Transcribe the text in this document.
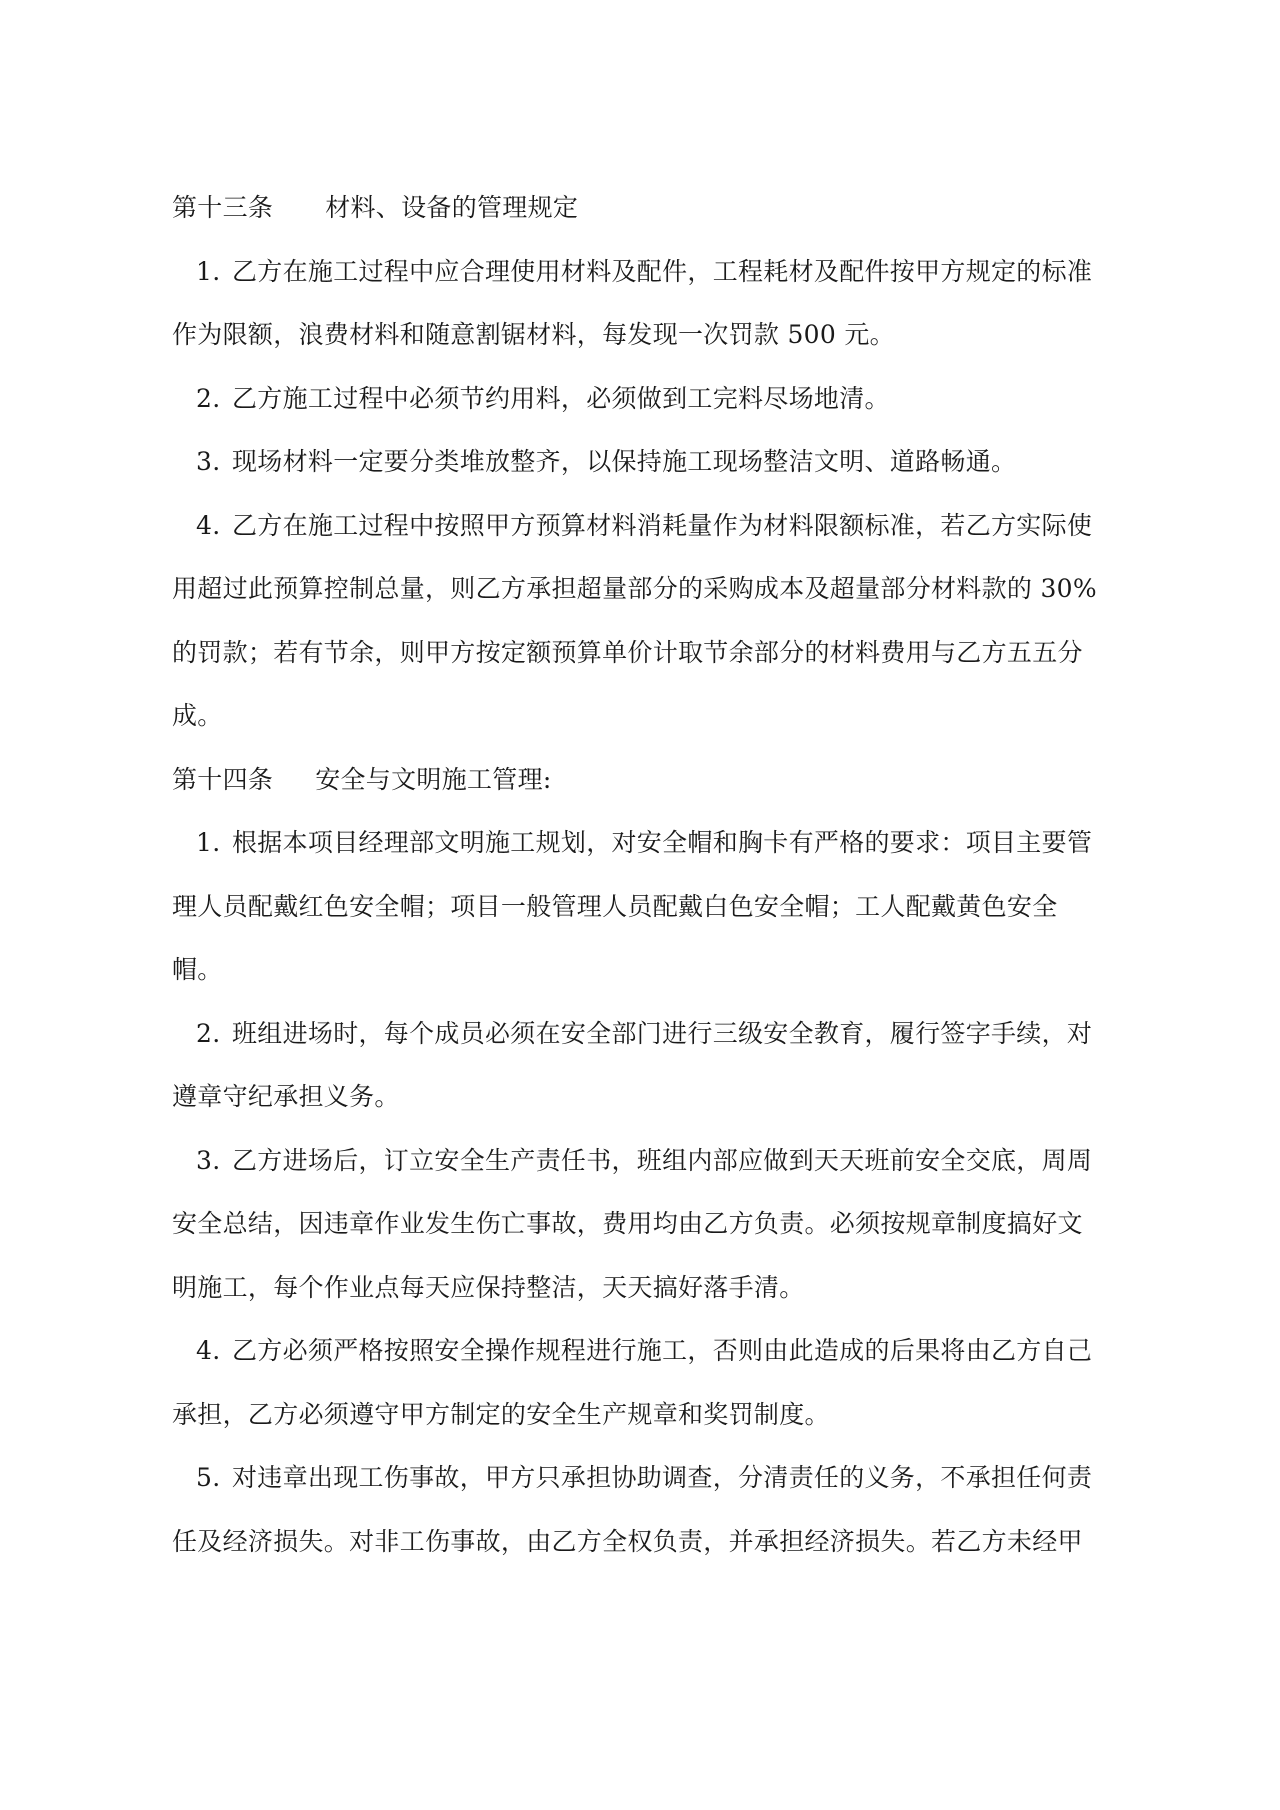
第十三条 材料、设备的管理规定
1. 乙方在施工过程中应合理使用材料及配件，工程耗材及配件按甲方规定的标准
作为限额，浪费材料和随意割锯材料，每发现一次罚款 500 元。
2. 乙方施工过程中必须节约用料，必须做到工完料尽场地清。
3. 现场材料一定要分类堆放整齐，以保持施工现场整洁文明、道路畅通。
4. 乙方在施工过程中按照甲方预算材料消耗量作为材料限额标准，若乙方实际使
用超过此预算控制总量，则乙方承担超量部分的采购成本及超量部分材料款的 30%
的罚款；若有节余，则甲方按定额预算单价计取节余部分的材料费用与乙方五五分
成。
第十四条 安全与文明施工管理:
1. 根据本项目经理部文明施工规划，对安全帽和胸卡有严格的要求：项目主要管
理人员配戴红色安全帽；项目一般管理人员配戴白色安全帽；工人配戴黄色安全
帽。
2. 班组进场时，每个成员必须在安全部门进行三级安全教育，履行签字手续，对
遵章守纪承担义务。
3. 乙方进场后，订立安全生产责任书，班组内部应做到天天班前安全交底，周周
安全总结，因违章作业发生伤亡事故，费用均由乙方负责。必须按规章制度搞好文
明施工，每个作业点每天应保持整洁，天天搞好落手清。
4. 乙方必须严格按照安全操作规程进行施工，否则由此造成的后果将由乙方自己
承担，乙方必须遵守甲方制定的安全生产规章和奖罚制度。
5. 对违章出现工伤事故，甲方只承担协助调查，分清责任的义务，不承担任何责
任及经济损失。对非工伤事故，由乙方全权负责，并承担经济损失。若乙方未经甲
